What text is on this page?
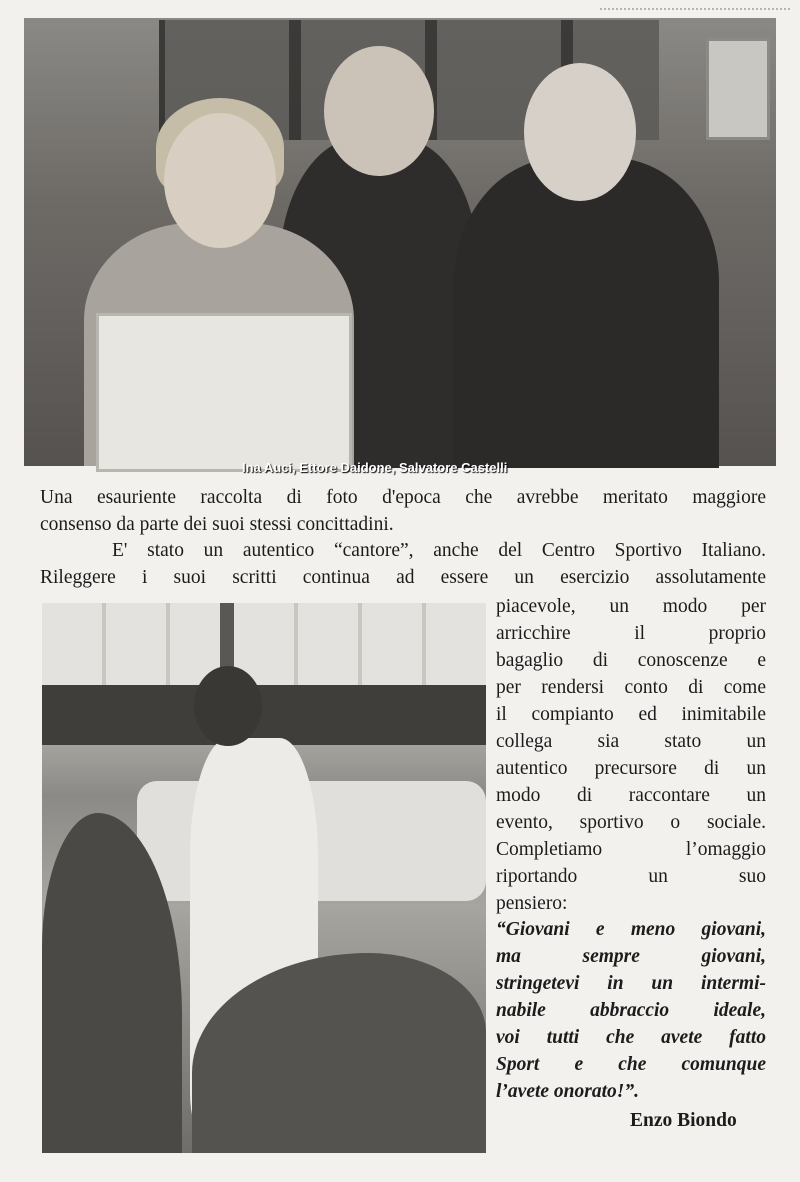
Ina Auci, Ettore Daidone, Salvatore Castelli
Una esauriente raccolta di foto d'epoca che avrebbe meritato maggiore
consenso da parte dei suoi stessi concittadini.
E' stato un autentico “cantore”, anche del Centro Sportivo Italiano.
Rileggere i suoi scritti continua ad essere un esercizio assolutamente
piacevole, un modo per
arricchire il proprio
bagaglio di conoscenze e
per rendersi conto di come
il compianto ed inimitabile
collega sia stato un
autentico precursore di un
modo di raccontare un
evento, sportivo o sociale.
Completiamo l’omaggio
riportando un suo
pensiero:
“Giovani e meno giovani,
ma sempre giovani,
stringetevi in un intermi-
nabile abbraccio ideale,
voi tutti che avete fatto
Sport e che comunque
l’avete onorato!”.
Enzo Biondo
